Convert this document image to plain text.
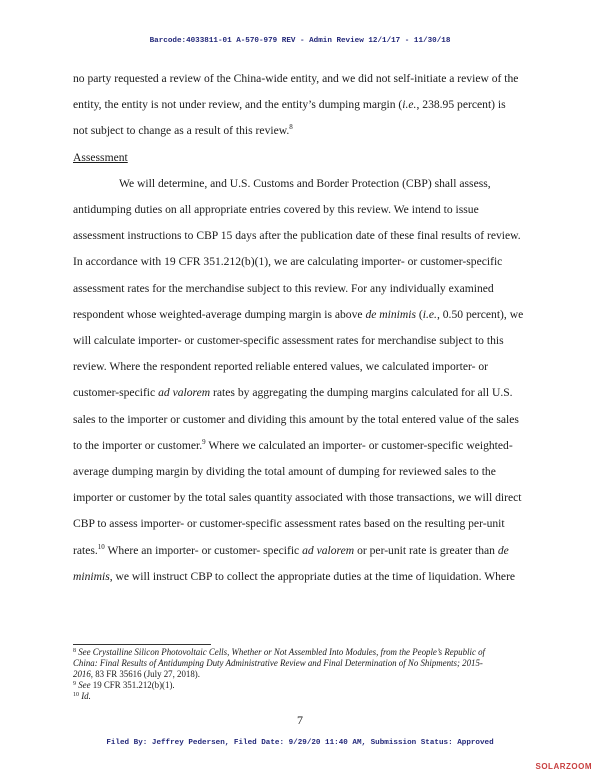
Barcode:4033811-01 A-570-979 REV - Admin Review 12/1/17 - 11/30/18
no party requested a review of the China-wide entity, and we did not self-initiate a review of the
entity, the entity is not under review, and the entity’s dumping margin (i.e., 238.95 percent) is
not subject to change as a result of this review.$^8$
Assessment
We will determine, and U.S. Customs and Border Protection (CBP) shall assess,
antidumping duties on all appropriate entries covered by this review. We intend to issue
assessment instructions to CBP 15 days after the publication date of these final results of review.
In accordance with 19 CFR 351.212(b)(1), we are calculating importer- or customer-specific
assessment rates for the merchandise subject to this review. For any individually examined
respondent whose weighted-average dumping margin is above de minimis (i.e., 0.50 percent), we
will calculate importer- or customer-specific assessment rates for merchandise subject to this
review. Where the respondent reported reliable entered values, we calculated importer- or
customer-specific ad valorem rates by aggregating the dumping margins calculated for all U.S.
sales to the importer or customer and dividing this amount by the total entered value of the sales
to the importer or customer.$^9$ Where we calculated an importer- or customer-specific weighted-
average dumping margin by dividing the total amount of dumping for reviewed sales to the
importer or customer by the total sales quantity associated with those transactions, we will direct
CBP to assess importer- or customer-specific assessment rates based on the resulting per-unit
rates.$^{10}$ Where an importer- or customer- specific ad valorem or per-unit rate is greater than de
minimis, we will instruct CBP to collect the appropriate duties at the time of liquidation. Where
$^8$ See Crystalline Silicon Photovoltaic Cells, Whether or Not Assembled Into Modules, from the People’s Republic of
China: Final Results of Antidumping Duty Administrative Review and Final Determination of No Shipments; 2015-
2016, 83 FR 35616 (July 27, 2018).
$^9$ See 19 CFR 351.212(b)(1).
$^{10}$ Id.
7
Filed By: Jeffrey Pedersen, Filed Date: 9/29/20 11:40 AM, Submission Status: Approved
SOLARZOOM
